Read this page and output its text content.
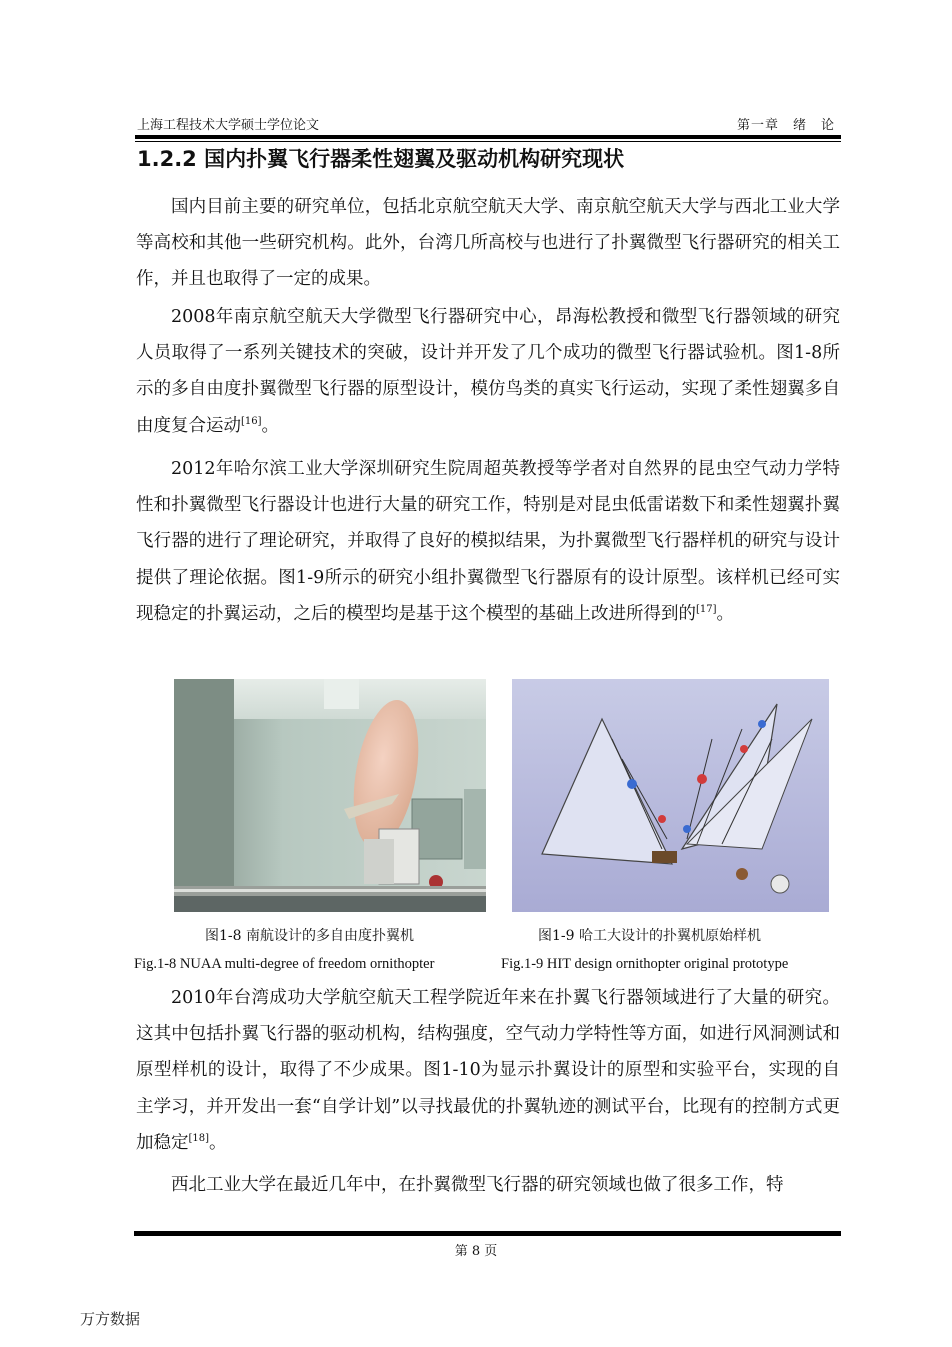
上海工程技术大学硕士学位论文	第一章　绪　论
1.2.2 国内扑翼飞行器柔性翅翼及驱动机构研究现状

国内目前主要的研究单位，包括北京航空航天大学、南京航空航天大学与西北工业大学等高校和其他一些研究机构。此外，台湾几所高校与也进行了扑翼微型飞行器研究的相关工作，并且也取得了一定的成果。

2008年南京航空航天大学微型飞行器研究中心，昂海松教授和微型飞行器领域的研究人员取得了一系列关键技术的突破，设计并开发了几个成功的微型飞行器试验机。图1-8所示的多自由度扑翼微型飞行器的原型设计，模仿鸟类的真实飞行运动，实现了柔性翅翼多自由度复合运动[16]。

2012年哈尔滨工业大学深圳研究生院周超英教授等学者对自然界的昆虫空气动力学特性和扑翼微型飞行器设计也进行大量的研究工作，特别是对昆虫低雷诺数下和柔性翅翼扑翼飞行器的进行了理论研究，并取得了良好的模拟结果，为扑翼微型飞行器样机的研究与设计提供了理论依据。图1-9所示的研究小组扑翼微型飞行器原有的设计原型。该样机已经可实现稳定的扑翼运动，之后的模型均是基于这个模型的基础上改进所得到的[17]。

图1-8 南航设计的多自由度扑翼机
Fig.1-8 NUAA multi-degree of freedom ornithopter
图1-9 哈工大设计的扑翼机原始样机
Fig.1-9 HIT design ornithopter original prototype

2010年台湾成功大学航空航天工程学院近年来在扑翼飞行器领域进行了大量的研究。这其中包括扑翼飞行器的驱动机构，结构强度，空气动力学特性等方面，如进行风洞测试和原型样机的设计，取得了不少成果。图1-10为显示扑翼设计的原型和实验平台，实现的自主学习，并开发出一套“自学计划”以寻找最优的扑翼轨迹的测试平台，比现有的控制方式更加稳定[18]。

西北工业大学在最近几年中，在扑翼微型飞行器的研究领域也做了很多工作，特

第 8 页
万方数据
